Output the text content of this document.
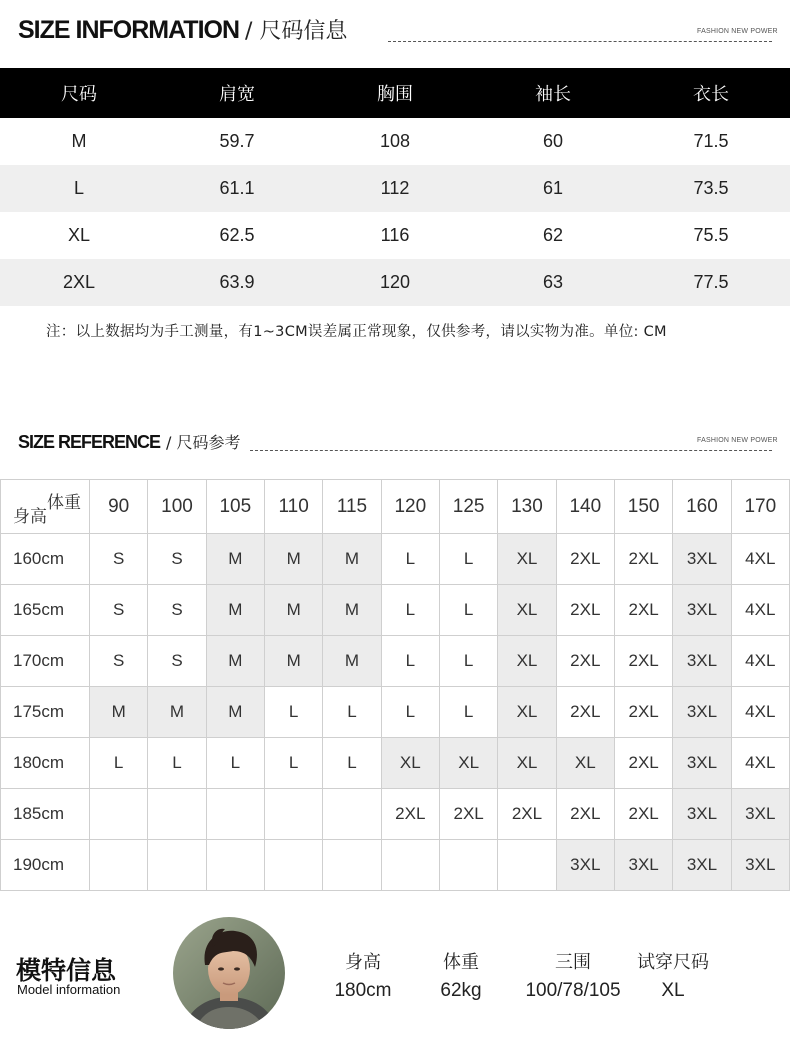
SIZE INFORMATION / 尺码信息	FASHION NEW POWER
尺码	肩宽	胸围	袖长	衣长
M	59.7	108	60	71.5
L	61.1	112	61	73.5
XL	62.5	116	62	75.5
2XL	63.9	120	63	77.5
注：以上数据均为手工测量，有1~3CM误差属正常现象，仅供参考，请以实物为准。单位: CM
SIZE REFERENCE / 尺码参考	FASHION NEW POWER
体重
身高	90	100	105	110	115	120	125	130	140	150	160	170
160cm	S	S	M	M	M	L	L	XL	2XL	2XL	3XL	4XL
165cm	S	S	M	M	M	L	L	XL	2XL	2XL	3XL	4XL
170cm	S	S	M	M	M	L	L	XL	2XL	2XL	3XL	4XL
175cm	M	M	M	L	L	L	L	XL	2XL	2XL	3XL	4XL
180cm	L	L	L	L	L	XL	XL	XL	XL	2XL	3XL	4XL
185cm						2XL	2XL	2XL	2XL	2XL	3XL	3XL
190cm									3XL	3XL	3XL	3XL
模特信息
Model information
身高
180cm
体重
62kg
三围
100/78/105
试穿尺码
XL
